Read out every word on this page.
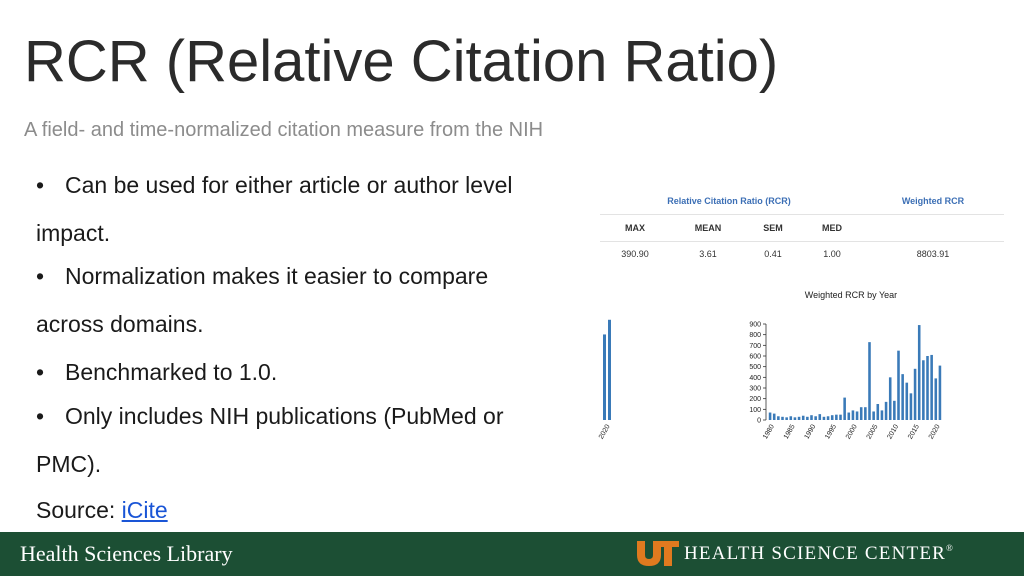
RCR (Relative Citation Ratio)
A field- and time-normalized citation measure from the NIH
• Can be used for either article or author level
impact.
• Normalization makes it easier to compare
across domains.
• Benchmarked to 1.0.
• Only includes NIH publications (PubMed or
PMC).
Source: iCite
Relative Citation Ratio (RCR)	Weighted RCR
MAX	MEAN	SEM	MED
390.90	3.61	0.41	1.00	8803.91
Weighted RCR by Year
0
100
200
300
400
500
600
700
800
900
1980 1985 1990 1995 2000 2005 2010 2015 2020
2020
Health Sciences Library	HEALTH SCIENCE CENTER®
